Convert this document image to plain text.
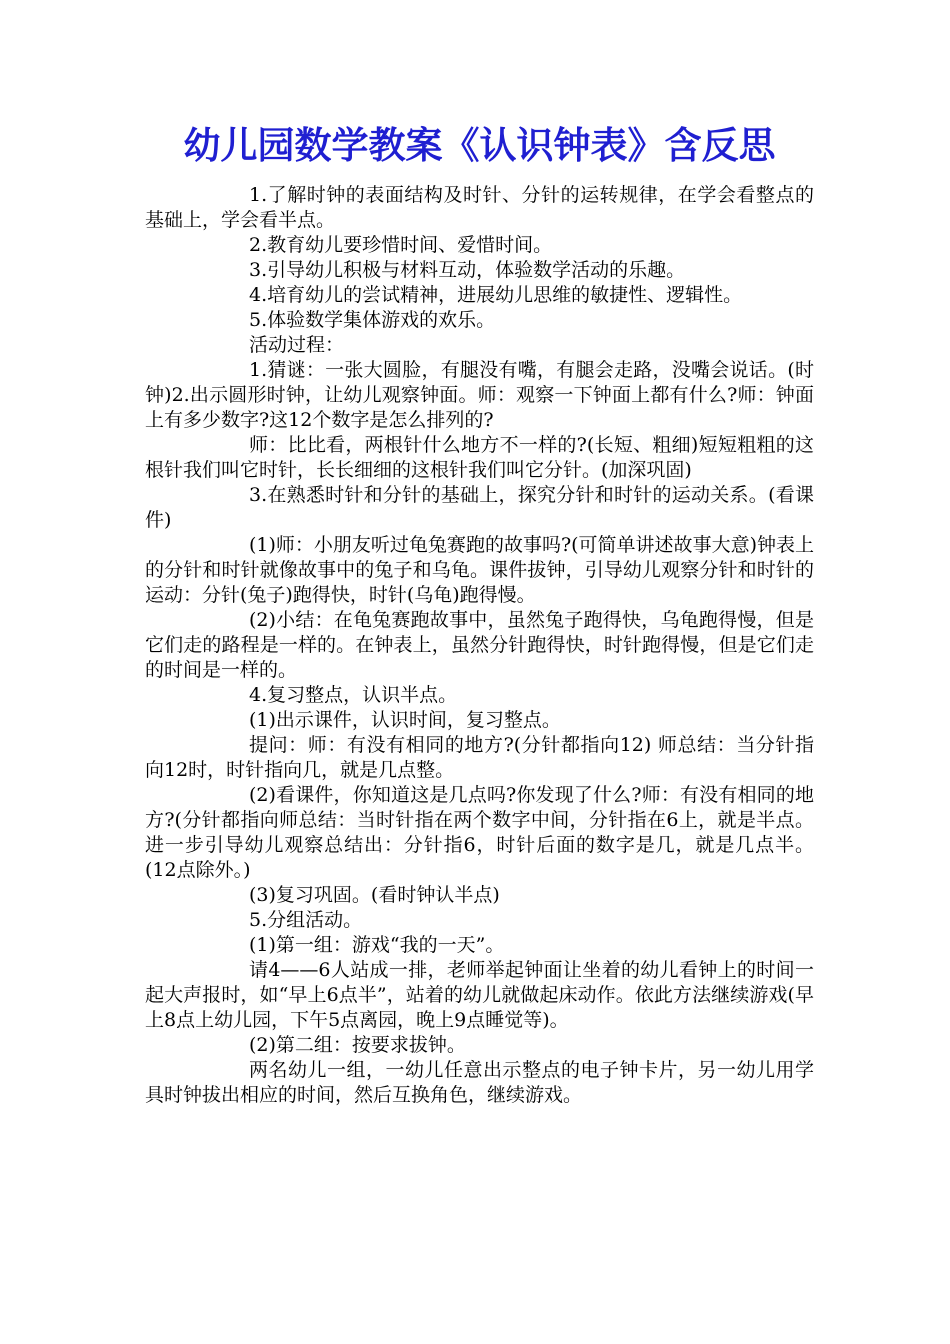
幼儿园数学教案《认识钟表》含反思

1.了解时钟的表面结构及时针、分针的运转规律，在学会看整点的基础上，学会看半点。

2.教育幼儿要珍惜时间、爱惜时间。

3.引导幼儿积极与材料互动，体验数学活动的乐趣。

4.培育幼儿的尝试精神，进展幼儿思维的敏捷性、逻辑性。

5.体验数学集体游戏的欢乐。

活动过程：

1.猜谜：一张大圆脸，有腿没有嘴，有腿会走路，没嘴会说话。(时钟)2.出示圆形时钟，让幼儿观察钟面。师：观察一下钟面上都有什么?师：钟面上有多少数字?这12个数字是怎么排列的?

师：比比看，两根针什么地方不一样的?(长短、粗细)短短粗粗的这根针我们叫它时针，长长细细的这根针我们叫它分针。(加深巩固)

3.在熟悉时针和分针的基础上，探究分针和时针的运动关系。(看课件)

(1)师：小朋友听过龟兔赛跑的故事吗?(可简单讲述故事大意)钟表上的分针和时针就像故事中的兔子和乌龟。课件拔钟，引导幼儿观察分针和时针的运动：分针(兔子)跑得快，时针(乌龟)跑得慢。

(2)小结：在龟兔赛跑故事中，虽然兔子跑得快，乌龟跑得慢，但是它们走的路程是一样的。在钟表上，虽然分针跑得快，时针跑得慢，但是它们走的时间是一样的。

4.复习整点，认识半点。

(1)出示课件，认识时间，复习整点。

提问：师：有没有相同的地方?(分针都指向12) 师总结：当分针指向12时，时针指向几，就是几点整。

(2)看课件，你知道这是几点吗?你发现了什么?师：有没有相同的地方?(分针都指向师总结：当时针指在两个数字中间，分针指在6上，就是半点。进一步引导幼儿观察总结出：分针指6，时针后面的数字是几，就是几点半。(12点除外。)

(3)复习巩固。(看时钟认半点)

5.分组活动。

(1)第一组：游戏“我的一天”。

请4——6人站成一排，老师举起钟面让坐着的幼儿看钟上的时间一起大声报时，如“早上6点半”，站着的幼儿就做起床动作。依此方法继续游戏(早上8点上幼儿园，下午5点离园，晚上9点睡觉等)。

(2)第二组：按要求拔钟。

两名幼儿一组，一幼儿任意出示整点的电子钟卡片，另一幼儿用学具时钟拔出相应的时间，然后互换角色，继续游戏。
